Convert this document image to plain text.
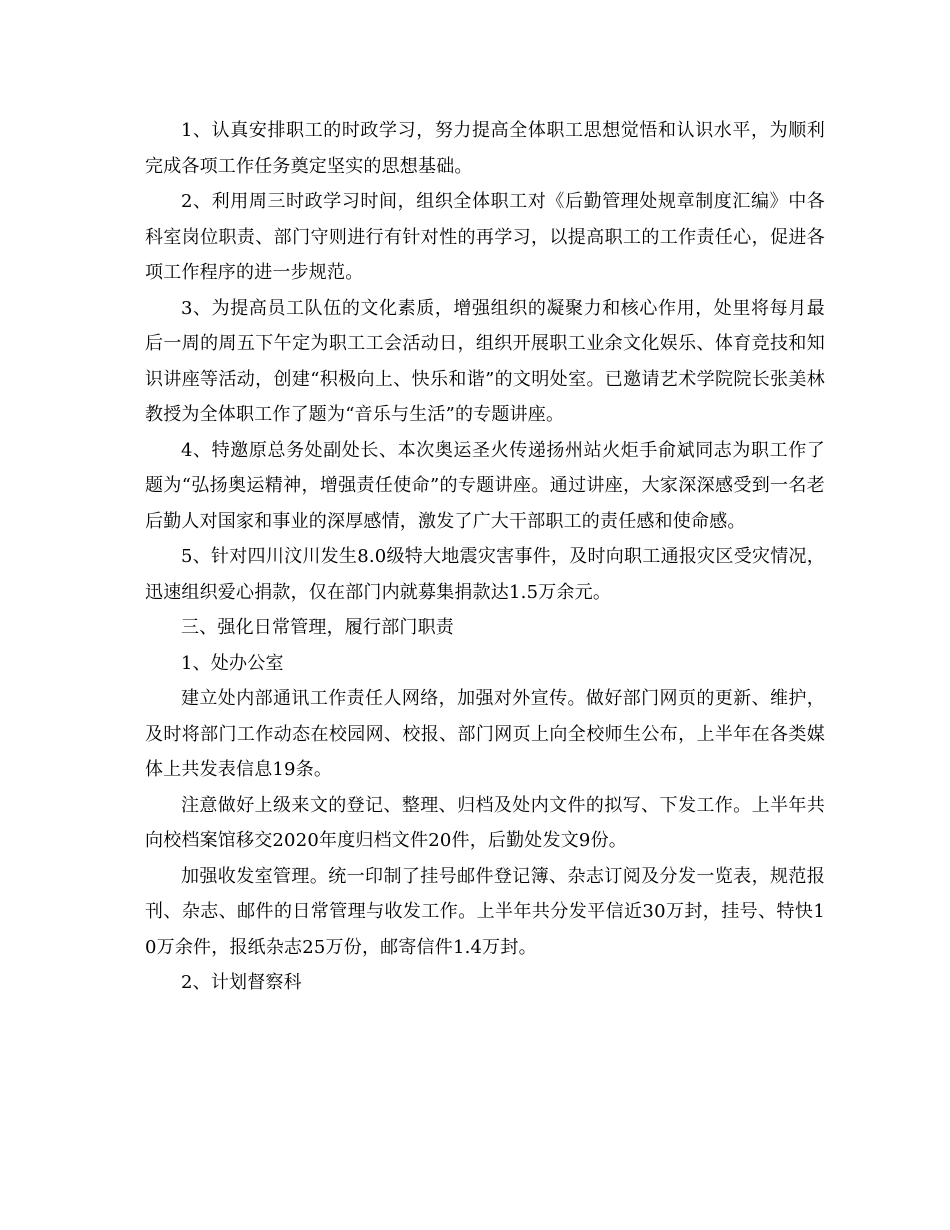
1、认真安排职工的时政学习，努力提高全体职工思想觉悟和认识水平，为顺利完成各项工作任务奠定坚实的思想基础。

2、利用周三时政学习时间，组织全体职工对《后勤管理处规章制度汇编》中各科室岗位职责、部门守则进行有针对性的再学习，以提高职工的工作责任心，促进各项工作程序的进一步规范。

3、为提高员工队伍的文化素质，增强组织的凝聚力和核心作用，处里将每月最后一周的周五下午定为职工工会活动日，组织开展职工业余文化娱乐、体育竞技和知识讲座等活动，创建“积极向上、快乐和谐”的文明处室。已邀请艺术学院院长张美林教授为全体职工作了题为“音乐与生活”的专题讲座。

4、特邀原总务处副处长、本次奥运圣火传递扬州站火炬手俞斌同志为职工作了题为“弘扬奥运精神，增强责任使命”的专题讲座。通过讲座，大家深深感受到一名老后勤人对国家和事业的深厚感情，激发了广大干部职工的责任感和使命感。

5、针对四川汶川发生8.0级特大地震灾害事件，及时向职工通报灾区受灾情况，迅速组织爱心捐款，仅在部门内就募集捐款达1.5万余元。

三、强化日常管理，履行部门职责

1、处办公室

建立处内部通讯工作责任人网络，加强对外宣传。做好部门网页的更新、维护，及时将部门工作动态在校园网、校报、部门网页上向全校师生公布，上半年在各类媒体上共发表信息19条。

注意做好上级来文的登记、整理、归档及处内文件的拟写、下发工作。上半年共向校档案馆移交2020年度归档文件20件，后勤处发文9份。

加强收发室管理。统一印制了挂号邮件登记簿、杂志订阅及分发一览表，规范报刊、杂志、邮件的日常管理与收发工作。上半年共分发平信近30万封，挂号、特快10万余件，报纸杂志25万份，邮寄信件1.4万封。

2、计划督察科
